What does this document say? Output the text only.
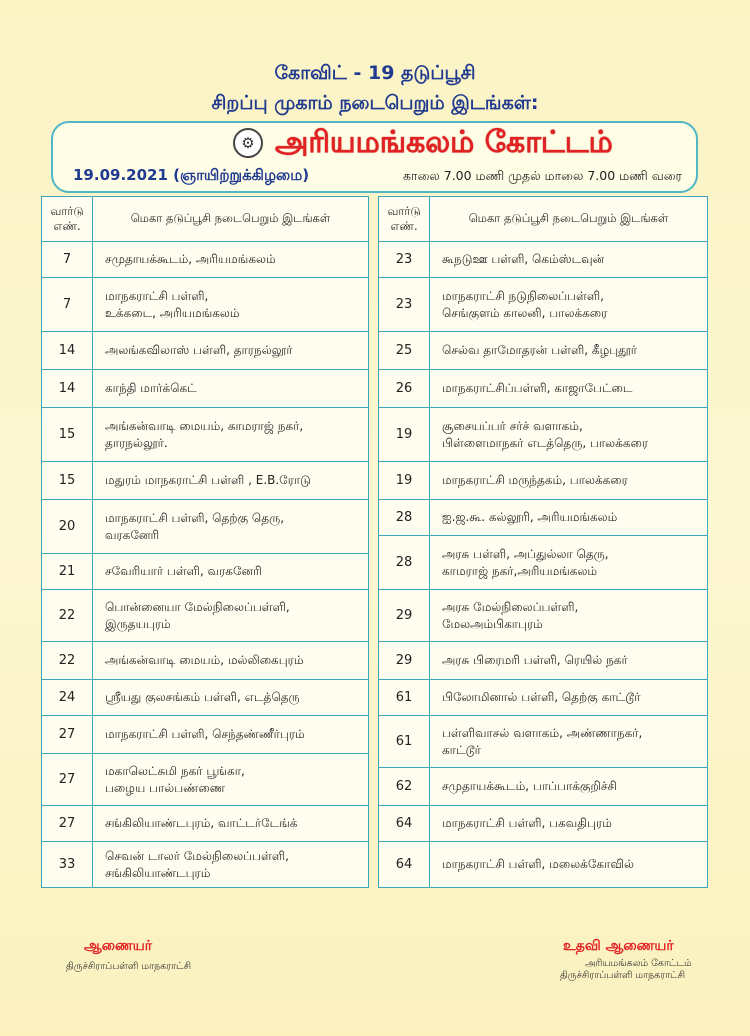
கோவிட் - 19 தடுப்பூசி
சிறப்பு முகாம் நடைபெறும் இடங்கள்:
⚙ அரியமங்கலம் கோட்டம்
19.09.2021 (ஞாயிற்றுக்கிழமை)	காலை 7.00 மணி முதல் மாலை 7.00 மணி வரை
வார்டு
எண்.	மெகா தடுப்பூசி நடைபெறும் இடங்கள்
7	சமுதாயக்கூடம், அரியமங்கலம்
7	மாநகராட்சி பள்ளி,
உக்கடை, அரியமங்கலம்
14	அலங்கவிலாஸ் பள்ளி, தாரநல்லூர்
14	காந்தி மார்க்கெட்
15	அங்கன்வாடி மையம், காமராஜ் நகர்,
தாரநல்லூர்.
15	மதுரம் மாநகராட்சி பள்ளி , E.B.ரோடு
20	மாநகராட்சி பள்ளி, தெற்கு தெரு,
வரகனேரி
21	சவேரியார் பள்ளி, வரகனேரி
22	பொன்னையா மேல்நிலைப்பள்ளி,
இருதயபுரம்
22	அங்கன்வாடி மையம், மல்லிகைபுரம்
24	ஸ்ரீயது குலசங்கம் பள்ளி, எடத்தெரு
27	மாநகராட்சி பள்ளி, செந்தண்ணீர்புரம்
27	மகாலெட்சுமி நகர் பூங்கா,
பழைய பால்பண்ணை
27	சங்கிலியாண்டபுரம், வாட்டர்டேங்க்
33	செவன் டாலர் மேல்நிலைப்பள்ளி,
சங்கிலியாண்டபுரம்
வார்டு
எண்.	மெகா தடுப்பூசி நடைபெறும் இடங்கள்
23	கூநடுஊ பள்ளி, கெம்ஸ்டவுன்
23	மாநகராட்சி நடுநிலைப்பள்ளி,
செங்குளம் காலனி, பாலக்கரை
25	செல்வ தாமோதரன் பள்ளி, கீழபுதூர்
26	மாநகராட்சிப்பள்ளி, காஜாபேட்டை
19	சூசையப்பர் சர்ச் வளாகம்,
பிள்ளைமாநகர் எடத்தெரு, பாலக்கரை
19	மாநகராட்சி மருந்தகம், பாலக்கரை
28	ஐ.ஜ.கூ. கல்லூரி, அரியமங்கலம்
28	அரசு பள்ளி, அப்துல்லா தெரு,
காமராஜ் நகர்,அரியமங்கலம்
29	அரசு மேல்நிலைப்பள்ளி,
மேலஅம்பிகாபுரம்
29	அரசு பிரைமரி பள்ளி, ரெயில் நகர்
61	பிலோமினால் பள்ளி, தெற்கு காட்டூர்
61	பள்ளிவாசல் வளாகம், அண்ணாநகர்,
காட்டூர்
62	சமுதாயக்கூடம், பாப்பாக்குறிச்சி
64	மாநகராட்சி பள்ளி, பகவதிபுரம்
64	மாநகராட்சி பள்ளி, மலைக்கோவில்
ஆணையர்
திருச்சிராப்பள்ளி மாநகராட்சி
உதவி ஆணையர்
அரியமங்கலம் கோட்டம்
திருச்சிராப்பள்ளி மாநகராட்சி
